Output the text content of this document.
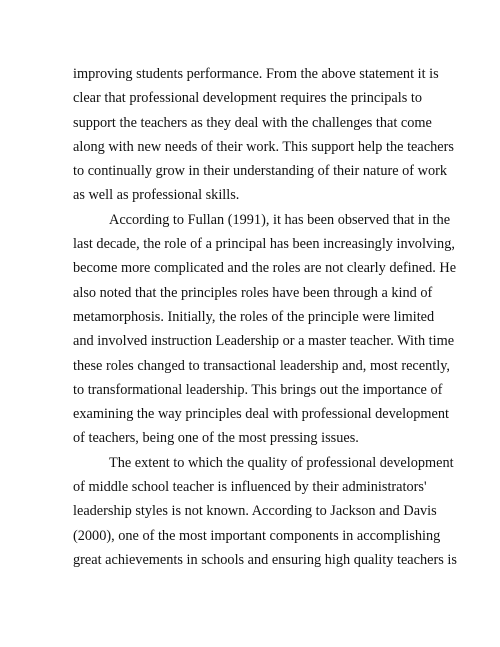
improving students performance. From the above statement it is
clear that professional development requires the principals to
support the teachers as they deal with the challenges that come
along with new needs of their work. This support help the teachers
to continually grow in their understanding of their nature of work
as well as professional skills.
According to Fullan (1991), it has been observed that in the
last decade, the role of a principal has been increasingly involving,
become more complicated and the roles are not clearly defined. He
also noted that the principles roles have been through a kind of
metamorphosis. Initially, the roles of the principle were limited
and involved instruction Leadership or a master teacher. With time
these roles changed to transactional leadership and, most recently,
to transformational leadership. This brings out the importance of
examining the way principles deal with professional development
of teachers, being one of the most pressing issues.
The extent to which the quality of professional development
of middle school teacher is influenced by their administrators'
leadership styles is not known. According to Jackson and Davis
(2000), one of the most important components in accomplishing
great achievements in schools and ensuring high quality teachers is
